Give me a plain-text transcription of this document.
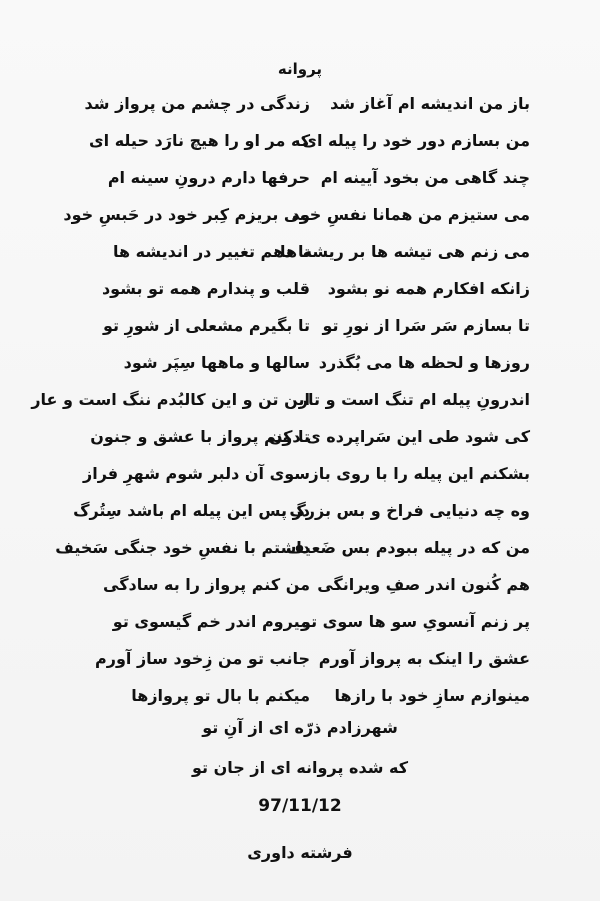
پروانه
باز من اندیشه ام آغاز شد
زندگی در چشم من پرواز شد
من بسازم دور خود را پیله ای
که مر او را هیچ نارَد حیله ای
چند گاهی من بخود آیینه ام
حرفها دارم درونِ سینه ام
می ستیزم من همانا نفسِ خود
می بریزم کِبر خود در حَبسِ خود
می زنم هی تیشه ها بر ریشه ها
تا دهم تغییر در اندیشه ها
زانکه افکارم همه نو بشود
قلب و پندارم همه تو بشود
تا بسازم سَر سَرا از نورِ تو
تا بگیرم مشعلی از شورِ تو
روزها و لحظه ها می بُگذرد
سالها و ماهها سِپَر شود
اندرونِ پیله ام تنگ است و تار
این تن و این کالبُدم ننگ است و عار
کی شود طی این سَراپرده ی دون
تا کنم پرواز با عشق و جنون
بشکنم این پیله را با روی باز
سوی آن دلبر شوم شهرِ فراز
وه چه دنیایی فراخ و بس بزرگ
در پس این پیله ام باشد سِتُرگ
من که در پیله ببودم بس ضَعیف
داشتم با نفسِ خود جنگی سَخیف
هم کُنون اندر صفِ ویرانگی
من کنم پرواز را به سادگی
پر زنم آنسویِ سو ها سوی تو
میروم اندر خم گیسوی تو
عشق را اینک به پرواز آورم
جانب تو من زِخود ساز آورم
مینوازم سازِ خود با رازها
میکنم با بال تو پروازها
شهرزادم ذرّه ای از آنِ تو
که شده پروانه ای از جان تو
97/11/12
فرشته داوری
